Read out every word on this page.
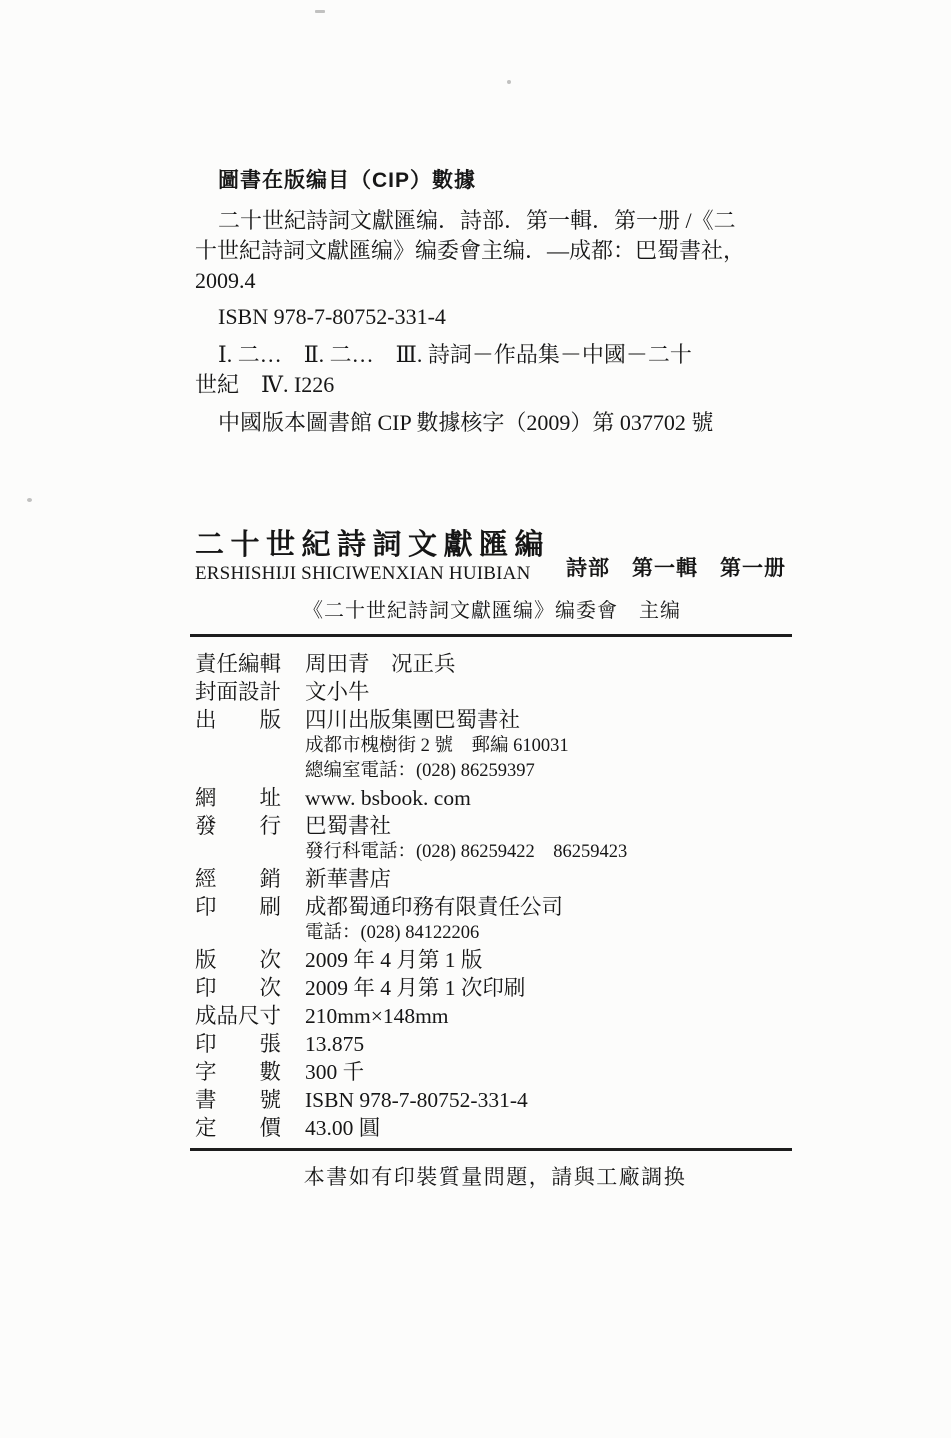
圖書在版编目（CIP）數據
二十世紀詩詞文獻匯编．詩部．第一輯．第一册 /《二
十世紀詩詞文獻匯编》编委會主编．—成都：巴蜀書社，
2009.4
ISBN 978-7-80752-331-4
Ⅰ. 二…　Ⅱ. 二…　Ⅲ. 詩詞－作品集－中國－二十
世紀　Ⅳ. I226
中國版本圖書館 CIP 數據核字（2009）第 037702 號
二十世紀詩詞文獻匯編
ERSHISHIJI SHICIWENXIAN HUIBIAN	詩部　第一輯　第一册
《二十世紀詩詞文獻匯编》编委會　主编
責任編輯	周田青　况正兵
封面設計	文小牛
出　　版	四川出版集團巴蜀書社
成都市槐樹街 2 號　郵編 610031
總编室電話：(028) 86259397
網　　址	www. bsbook. com
發　　行	巴蜀書社
發行科電話：(028) 86259422　86259423
經　　銷	新華書店
印　　刷	成都蜀通印務有限責任公司
電話：(028) 84122206
版　　次	2009 年 4 月第 1 版
印　　次	2009 年 4 月第 1 次印刷
成品尺寸	210mm×148mm
印　　張	13.875
字　　數	300 千
書　　號	ISBN 978-7-80752-331-4
定　　價	43.00 圓
本書如有印裝質量問題，請與工廠調换
